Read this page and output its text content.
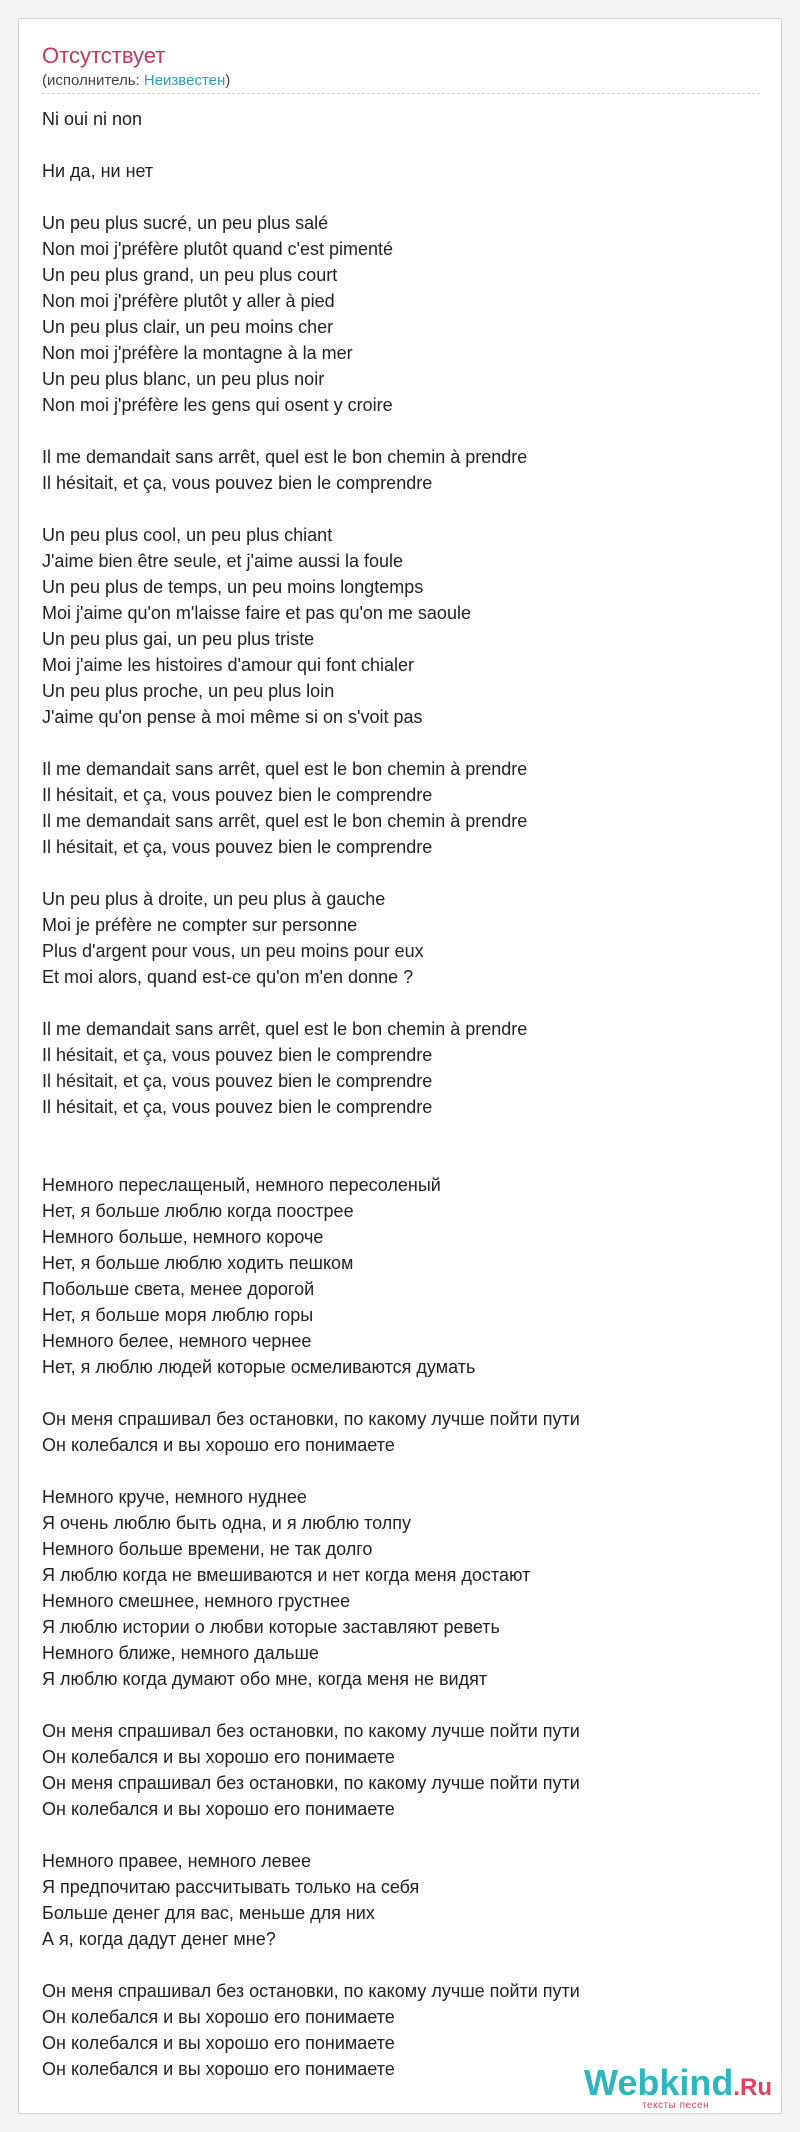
Отсутствует
(исполнитель: Неизвестен)
Ni oui ni non
Ни да, ни нет
Un peu plus sucré, un peu plus salé
Non moi j'préfère plutôt quand c'est pimenté
Un peu plus grand, un peu plus court
Non moi j'préfère plutôt y aller à pied
Un peu plus clair, un peu moins cher
Non moi j'préfère la montagne à la mer
Un peu plus blanc, un peu plus noir
Non moi j'préfère les gens qui osent y croire
Il me demandait sans arrêt, quel est le bon chemin à prendre
Il hésitait, et ça, vous pouvez bien le comprendre
Un peu plus cool, un peu plus chiant
J'aime bien être seule, et j'aime aussi la foule
Un peu plus de temps, un peu moins longtemps
Moi j'aime qu'on m'laisse faire et pas qu'on me saoule
Un peu plus gai, un peu plus triste
Moi j'aime les histoires d'amour qui font chialer
Un peu plus proche, un peu plus loin
J'aime qu'on pense à moi même si on s'voit pas
Il me demandait sans arrêt, quel est le bon chemin à prendre
Il hésitait, et ça, vous pouvez bien le comprendre
Il me demandait sans arrêt, quel est le bon chemin à prendre
Il hésitait, et ça, vous pouvez bien le comprendre
Un peu plus à droite, un peu plus à gauche
Moi je préfère ne compter sur personne
Plus d'argent pour vous, un peu moins pour eux
Et moi alors, quand est-ce qu'on m'en donne ?
Il me demandait sans arrêt, quel est le bon chemin à prendre
Il hésitait, et ça, vous pouvez bien le comprendre
Il hésitait, et ça, vous pouvez bien le comprendre
Il hésitait, et ça, vous pouvez bien le comprendre
Немного переслащеный, немного пересоленый
Нет, я больше люблю когда поострее
Немного больше, немного короче
Нет, я больше люблю ходить пешком
Побольше света, менее дорогой
Нет, я больше моря люблю горы
Немного белее, немного чернее
Нет, я люблю людей которые осмеливаются думать
Он меня спрашивал без остановки, по какому лучше пойти пути
Он колебался и вы хорошо его понимаете
Немного круче, немного нуднее
Я очень люблю быть одна, и я люблю толпу
Немного больше времени, не так долго
Я люблю когда не вмешиваются и нет когда меня достают
Немного смешнее, немного грустнее
Я люблю истории о любви которые заставляют реветь
Немного ближе, немного дальше
Я люблю когда думают обо мне, когда меня не видят
Он меня спрашивал без остановки, по какому лучше пойти пути
Он колебался и вы хорошо его понимаете
Он меня спрашивал без остановки, по какому лучше пойти пути
Он колебался и вы хорошо его понимаете
Немного правее, немного левее
Я предпочитаю рассчитывать только на себя
Больше денег для вас, меньше для них
А я, когда дадут денег мне?
Он меня спрашивал без остановки, по какому лучше пойти пути
Он колебался и вы хорошо его понимаете
Он колебался и вы хорошо его понимаете
Он колебался и вы хорошо его понимаете	Webkind.Ru
тексты песен
